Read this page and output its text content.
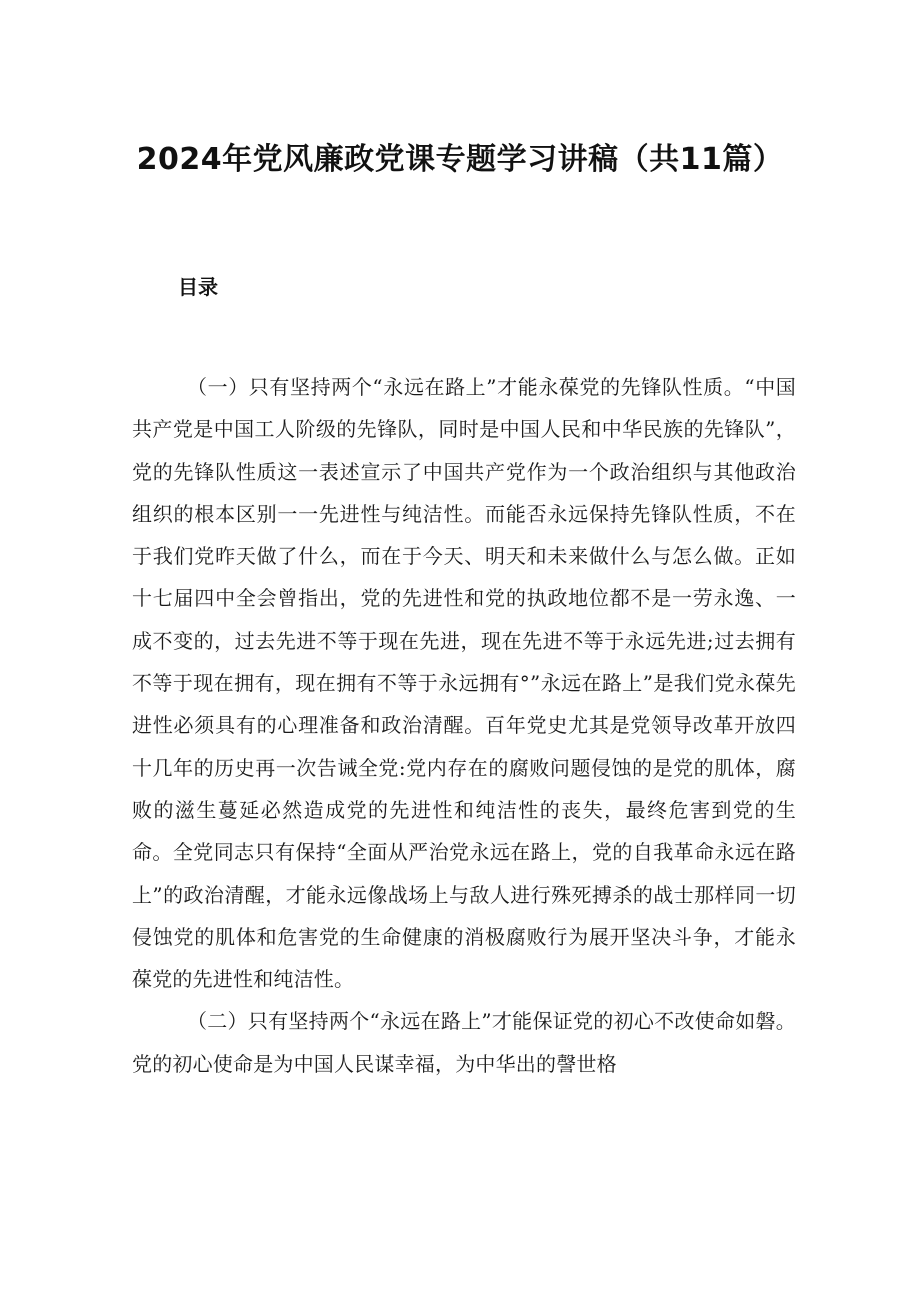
2024年党风廉政党课专题学习讲稿（共11篇）
目录

（一）只有坚持两个“永远在路上”才能永葆党的先锋队性质。“中国共产党是中国工人阶级的先锋队，同时是中国人民和中华民族的先锋队”，党的先锋队性质这一表述宣示了中国共产党作为一个政治组织与其他政治组织的根本区别一一先进性与纯洁性。而能否永远保持先锋队性质，不在于我们党昨天做了什么，而在于今天、明天和未来做什么与怎么做。正如十七届四中全会曾指出，党的先进性和党的执政地位都不是一劳永逸、一成不变的，过去先进不等于现在先进，现在先进不等于永远先进;过去拥有不等于现在拥有，现在拥有不等于永远拥有°”永远在路上”是我们党永葆先进性必须具有的心理准备和政治清醒。百年党史尤其是党领导改革开放四十几年的历史再一次告诫全党:党内存在的腐败问题侵蚀的是党的肌体，腐败的滋生蔓延必然造成党的先进性和纯洁性的丧失，最终危害到党的生命。全党同志只有保持“全面从严治党永远在路上，党的自我革命永远在路上”的政治清醒，才能永远像战场上与敌人进行殊死搏杀的战士那样同一切侵蚀党的肌体和危害党的生命健康的消极腐败行为展开坚决斗争，才能永葆党的先进性和纯洁性。

（二）只有坚持两个“永远在路上”才能保证党的初心不改使命如磐。党的初心使命是为中国人民谋幸福，为中华出的謦世格
